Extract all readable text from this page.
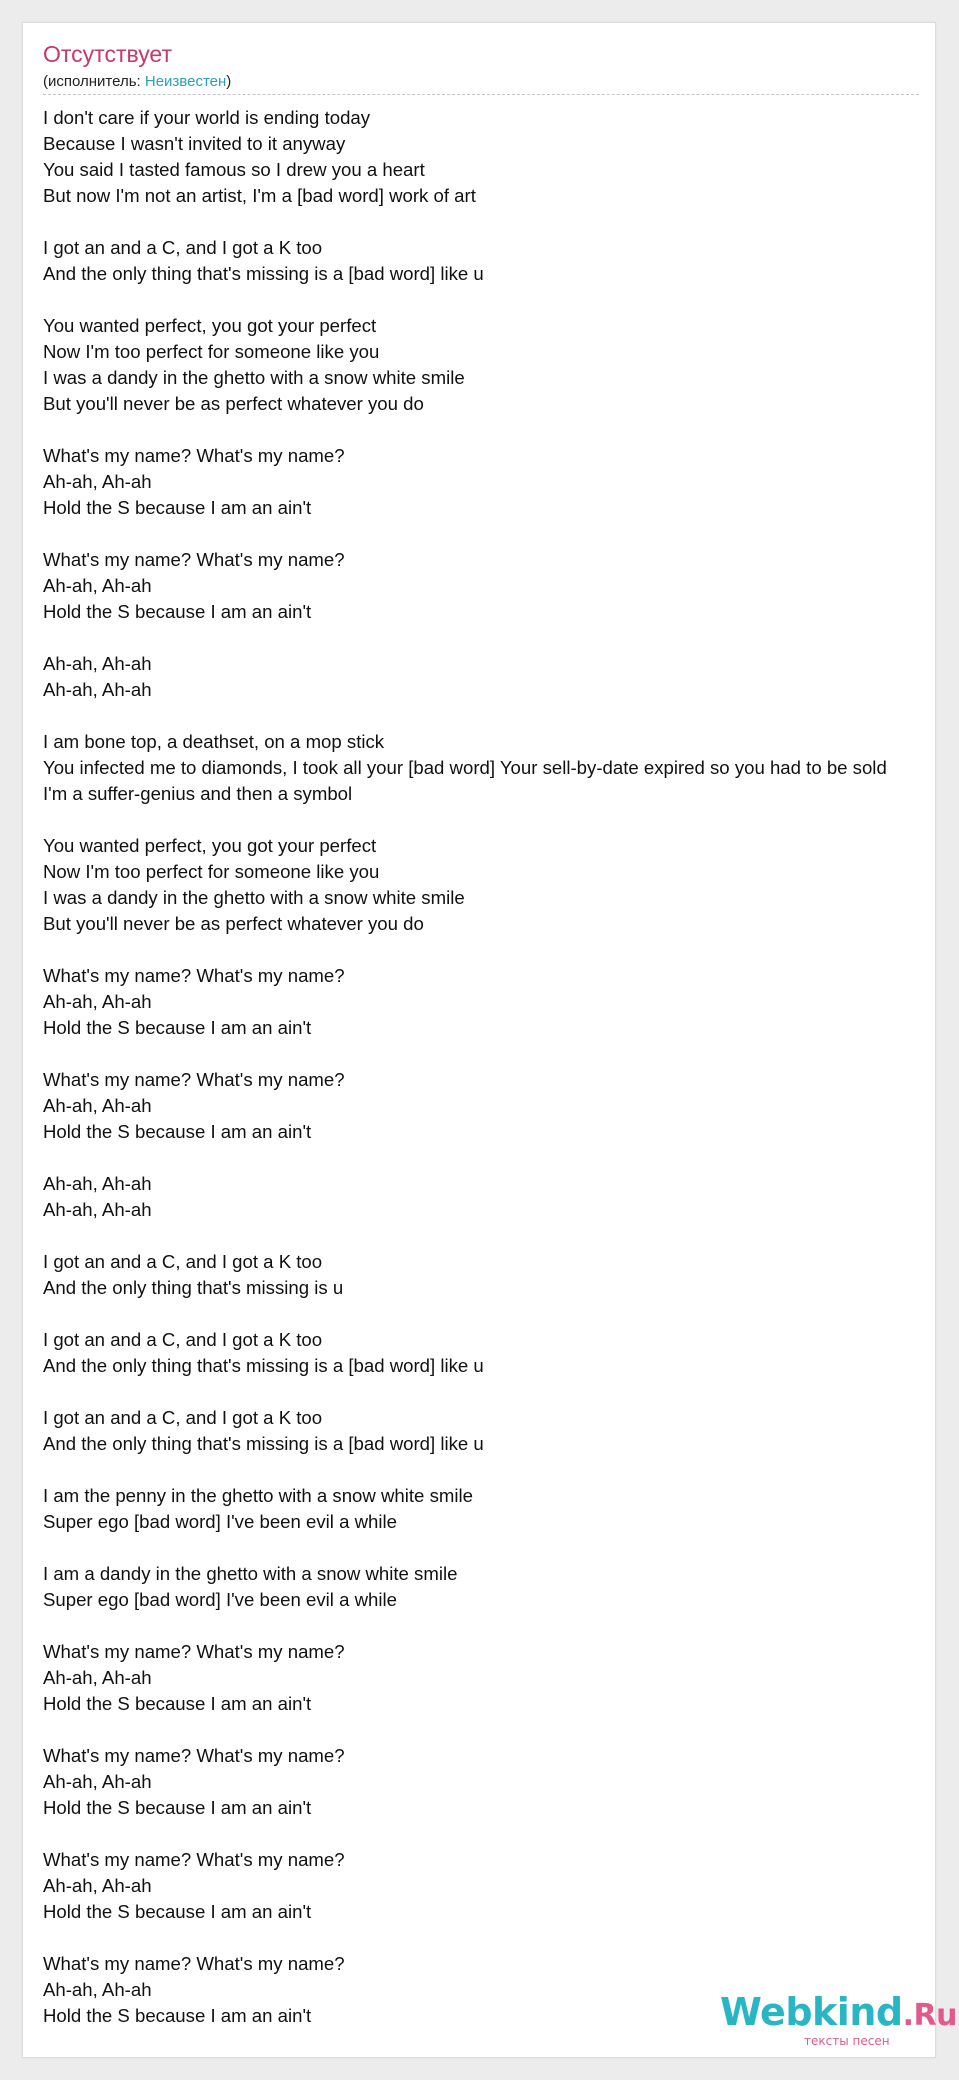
Отсутствует
(исполнитель: Неизвестен)
I don't care if your world is ending today
Because I wasn't invited to it anyway
You said I tasted famous so I drew you a heart
But now I'm not an artist, I'm a [bad word] work of art
I got an and a C, and I got a K too
And the only thing that's missing is a [bad word] like u
You wanted perfect, you got your perfect
Now I'm too perfect for someone like you
I was a dandy in the ghetto with a snow white smile
But you'll never be as perfect whatever you do
What's my name? What's my name?
Ah-ah, Ah-ah
Hold the S because I am an ain't
What's my name? What's my name?
Ah-ah, Ah-ah
Hold the S because I am an ain't
Ah-ah, Ah-ah
Ah-ah, Ah-ah
I am bone top, a deathset, on a mop stick
You infected me to diamonds, I took all your [bad word] Your sell-by-date expired so you had to be sold
I'm a suffer-genius and then a symbol
You wanted perfect, you got your perfect
Now I'm too perfect for someone like you
I was a dandy in the ghetto with a snow white smile
But you'll never be as perfect whatever you do
What's my name? What's my name?
Ah-ah, Ah-ah
Hold the S because I am an ain't
What's my name? What's my name?
Ah-ah, Ah-ah
Hold the S because I am an ain't
Ah-ah, Ah-ah
Ah-ah, Ah-ah
I got an and a C, and I got a K too
And the only thing that's missing is u
I got an and a C, and I got a K too
And the only thing that's missing is a [bad word] like u
I got an and a C, and I got a K too
And the only thing that's missing is a [bad word] like u
I am the penny in the ghetto with a snow white smile
Super ego [bad word] I've been evil a while
I am a dandy in the ghetto with a snow white smile
Super ego [bad word] I've been evil a while
What's my name? What's my name?
Ah-ah, Ah-ah
Hold the S because I am an ain't
What's my name? What's my name?
Ah-ah, Ah-ah
Hold the S because I am an ain't
What's my name? What's my name?
Ah-ah, Ah-ah
Hold the S because I am an ain't
What's my name? What's my name?
Ah-ah, Ah-ah
Hold the S because I am an ain't	Webkind.Ru
тексты песен
